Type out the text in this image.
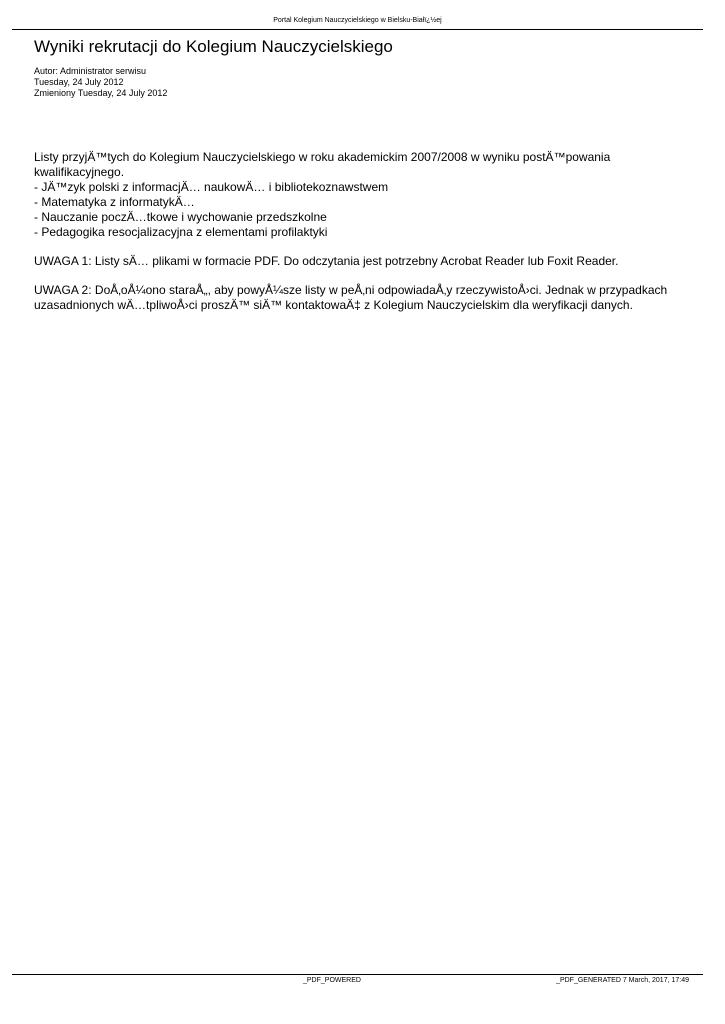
Portal Kolegium Nauczycielskiego w Bielsku-Białï¿½ej
Wyniki rekrutacji do Kolegium Nauczycielskiego
Autor: Administrator serwisu
Tuesday, 24 July 2012
Zmieniony Tuesday, 24 July 2012

Listy przyjÄ™tych do Kolegium Nauczycielskiego w roku akademickim 2007/2008 w wyniku postÄ™powania kwalifikacyjnego.

- JÄ™zyk polski z informacjÄ… naukowÄ… i bibliotekoznawstwem

- Matematyka z informatykÄ…

- Nauczanie poczÄ…tkowe i wychowanie przedszkolne

- Pedagogika resocjalizacyjna z elementami profilaktyki

UWAGA 1: Listy sÄ… plikami w formacie PDF. Do odczytania jest potrzebny Acrobat Reader lub Foxit Reader.

UWAGA 2: DoÅ‚oÅ¼ono staraÅ„, aby powyÅ¼sze listy w peÅ‚ni odpowiadaÅ‚y rzeczywistoÅ›ci. Jednak w przypadkach uzasadnionych wÄ…tpliwoÅ›ci proszÄ™ siÄ™ kontaktowaÄ‡ z Kolegium Nauczycielskim dla weryfikacji danych.

_PDF_POWERED	_PDF_GENERATED 7 March, 2017, 17:49
